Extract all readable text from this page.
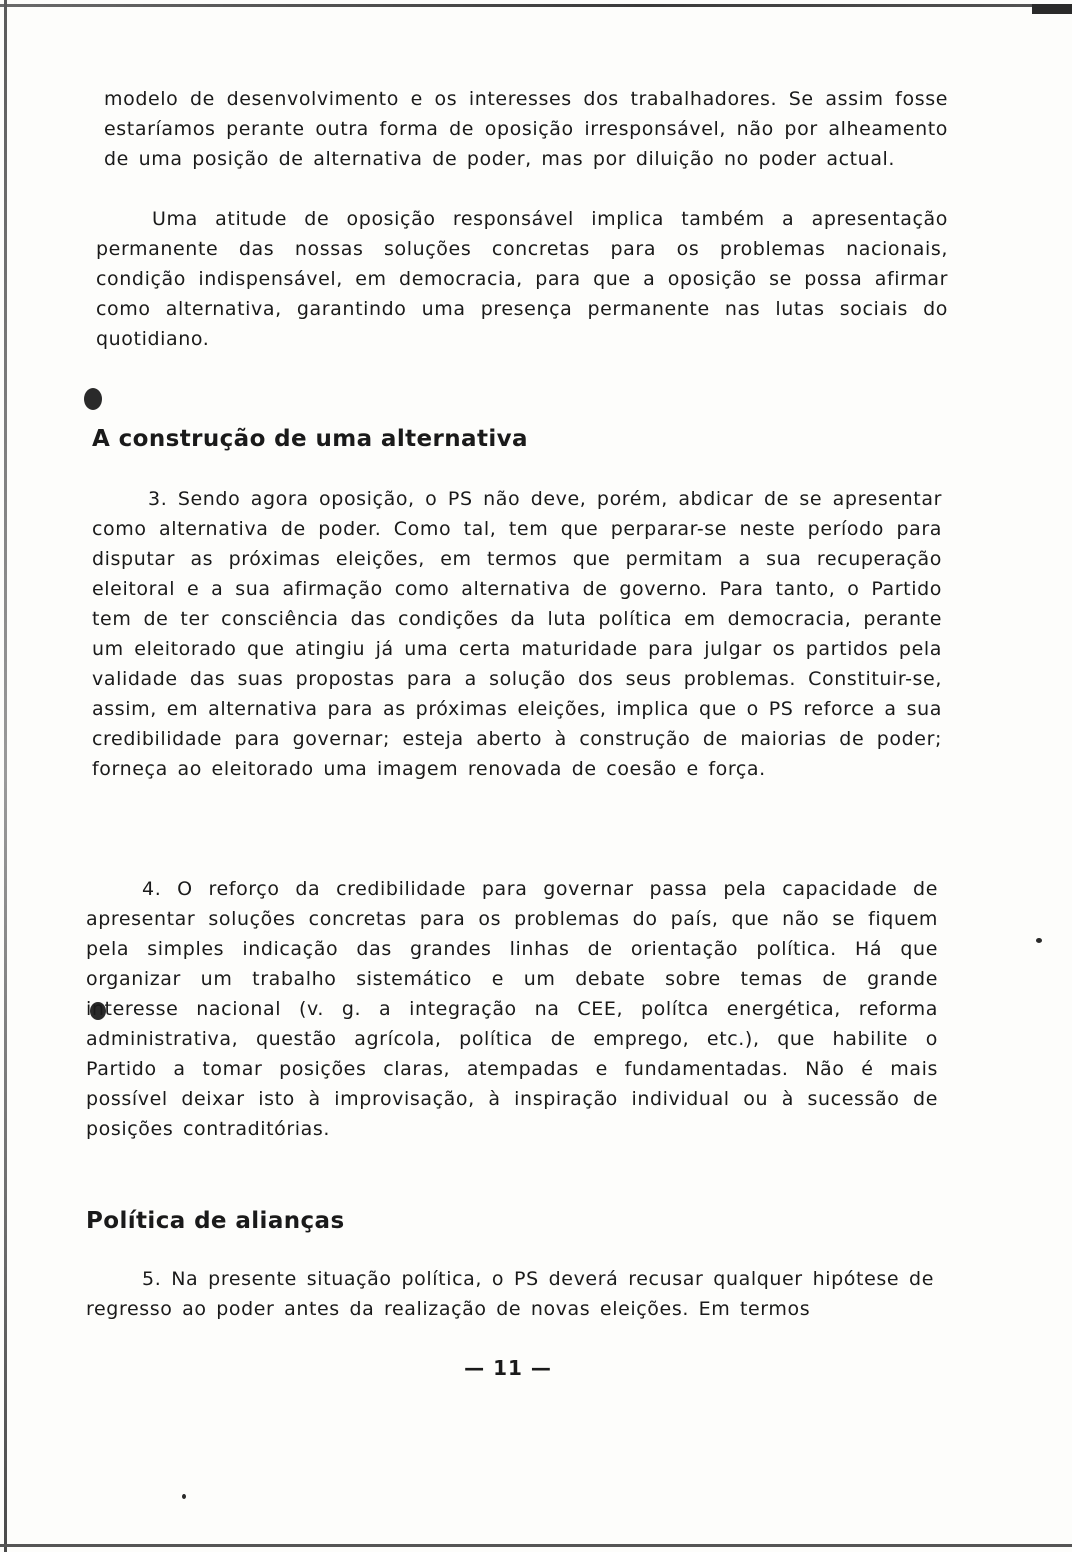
modelo de desenvolvimento e os interesses dos trabalhadores. Se assim fosse estaríamos perante outra forma de oposição irresponsável, não por alheamento de uma posição de alternativa de poder, mas por diluição no poder actual.

Uma atitude de oposição responsável implica também a apresentação permanente das nossas soluções concretas para os problemas nacionais, condição indispensável, em democracia, para que a oposição se possa afirmar como alternativa, garantindo uma presença permanente nas lutas sociais do quotidiano.

A construção de uma alternativa

3. Sendo agora oposição, o PS não deve, porém, abdicar de se apresentar como alternativa de poder. Como tal, tem que perparar-se neste período para disputar as próximas eleições, em termos que permitam a sua recuperação eleitoral e a sua afirmação como alternativa de governo. Para tanto, o Partido tem de ter consciência das condições da luta política em democracia, perante um eleitorado que atingiu já uma certa maturidade para julgar os partidos pela validade das suas propostas para a solução dos seus problemas. Constituir-se, assim, em alternativa para as próximas eleições, implica que o PS reforce a sua credibilidade para governar; esteja aberto à construção de maiorias de poder; forneça ao eleitorado uma imagem renovada de coesão e força.

4. O reforço da credibilidade para governar passa pela capacidade de apresentar soluções concretas para os problemas do país, que não se fiquem pela simples indicação das grandes linhas de orientação política. Há que organizar um trabalho sistemático e um debate sobre temas de grande interesse nacional (v. g. a integração na CEE, polítca energética, reforma administrativa, questão agrícola, política de emprego, etc.), que habilite o Partido a tomar posições claras, atempadas e fundamentadas. Não é mais possível deixar isto à improvisação, à inspiração individual ou à sucessão de posições contraditórias.

Política de alianças

5. Na presente situação política, o PS deverá recusar qualquer hipótese de regresso ao poder antes da realização de novas eleições. Em termos

— 11 —
